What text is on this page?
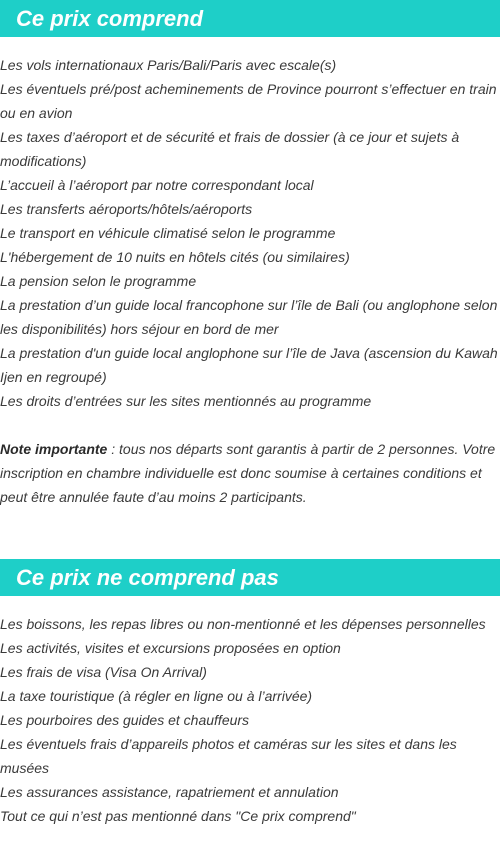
Ce prix comprend
Les vols internationaux Paris/Bali/Paris avec escale(s)
Les éventuels pré/post acheminements de Province pourront s’effectuer en train ou en avion
Les taxes d’aéroport et de sécurité et frais de dossier (à ce jour et sujets à modifications)
L’accueil à l’aéroport par notre correspondant local
Les transferts aéroports/hôtels/aéroports
Le transport en véhicule climatisé selon le programme
L'hébergement de 10 nuits en hôtels cités (ou similaires)
La pension selon le programme
La prestation d’un guide local francophone sur l’île de Bali (ou anglophone selon les disponibilités) hors séjour en bord de mer
La prestation d'un guide local anglophone sur l’île de Java (ascension du Kawah Ijen en regroupé)
Les droits d’entrées sur les sites mentionnés au programme
Note importante : tous nos départs sont garantis à partir de 2 personnes. Votre inscription en chambre individuelle est donc soumise à certaines conditions et peut être annulée faute d’au moins 2 participants.
Ce prix ne comprend pas
Les boissons, les repas libres ou non-mentionné et les dépenses personnelles
Les activités, visites et excursions proposées en option
Les frais de visa (Visa On Arrival)
La taxe touristique (à régler en ligne ou à l’arrivée)
Les pourboires des guides et chauffeurs
Les éventuels frais d’appareils photos et caméras sur les sites et dans les musées
Les assurances assistance, rapatriement et annulation
Tout ce qui n’est pas mentionné dans "Ce prix comprend"
